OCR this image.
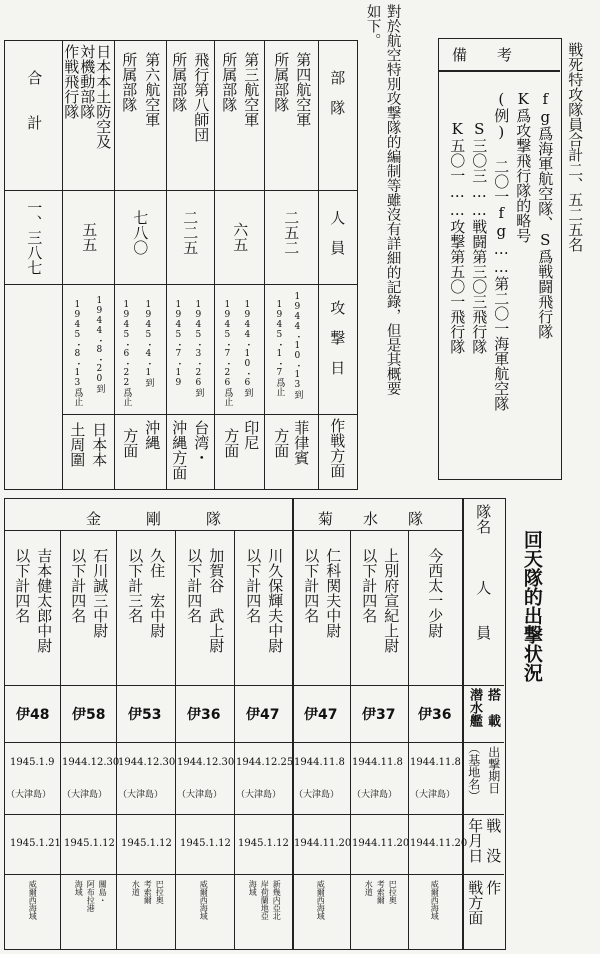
戦死特攻隊員合計二、五二五名
備　　考
fg爲海軍航空隊、S爲戦闘飛行隊
K爲攻撃飛行隊的略号
(例) 二〇一fg……第二〇一海軍航空隊
S三〇三……戦闘第三〇三飛行隊
K五〇一……攻撃第五〇一飛行隊
對於航空特別攻撃隊的編制等雖沒有詳細的記錄，但是其概要
如下。
部　隊
人　員
攻　撃　日
作戦方面
第四航空軍
所属部隊
二五二
1944・10・13到
1945・1・7爲止
菲律賓
方面
第三航空軍
所属部隊
六五
1944・10・6到
1945・7・26爲止
印尼
方面
飛行第八師団
所属部隊
二二五
1945・3・26到
1945・7・19
台湾・
沖縄方面
第六航空軍
所属部隊
七八〇
1945・4・1到
1945・6・22爲止
沖縄
方面
日本本土防空及
対機動部隊
作戦飛行隊
五五
1944・8・20到
1945・8・13爲止
日本本
土周圍
合　　計
一、三八七
回天隊的出撃状況
隊名
人　　員
搭　載
潜水艦
出撃期日
（基地名）
戦　没
年月日
作
戦方面
菊　　水　　隊
金　　　剛　　　隊
今西太一少尉
伊36
1944.11.8
（大津島）
1944.11.20
威爾西海域
上別府宣紀上尉
以下計四名
伊37
1944.11.8
（大津島）
1944.11.20
巴拉奥
考索爾
水道
仁科関夫中尉
以下計四名
伊47
1944.11.8
（大津島）
1944.11.20
威爾西海域
川久保輝夫中尉
以下計四名
伊47
1944.12.25
（大津島）
1945.1.12
新幾内亞北
岸荷蘭地亞
海域
加賀谷　武上尉
以下計四名
伊36
1944.12.30
（大津島）
1945.1.12
威爾西海域
久住　宏中尉
以下計三名
伊53
1944.12.30
（大津島）
1945.1.12
巴拉奥
考索爾
水道
石川誠三中尉
以下計四名
伊58
1944.12.30
（大津島）
1945.1.12
關島・
阿布拉港
海域
吉本健太郎中尉
以下計四名
伊48
1945.1.9
（大津島）
1945.1.21
威爾西海域
